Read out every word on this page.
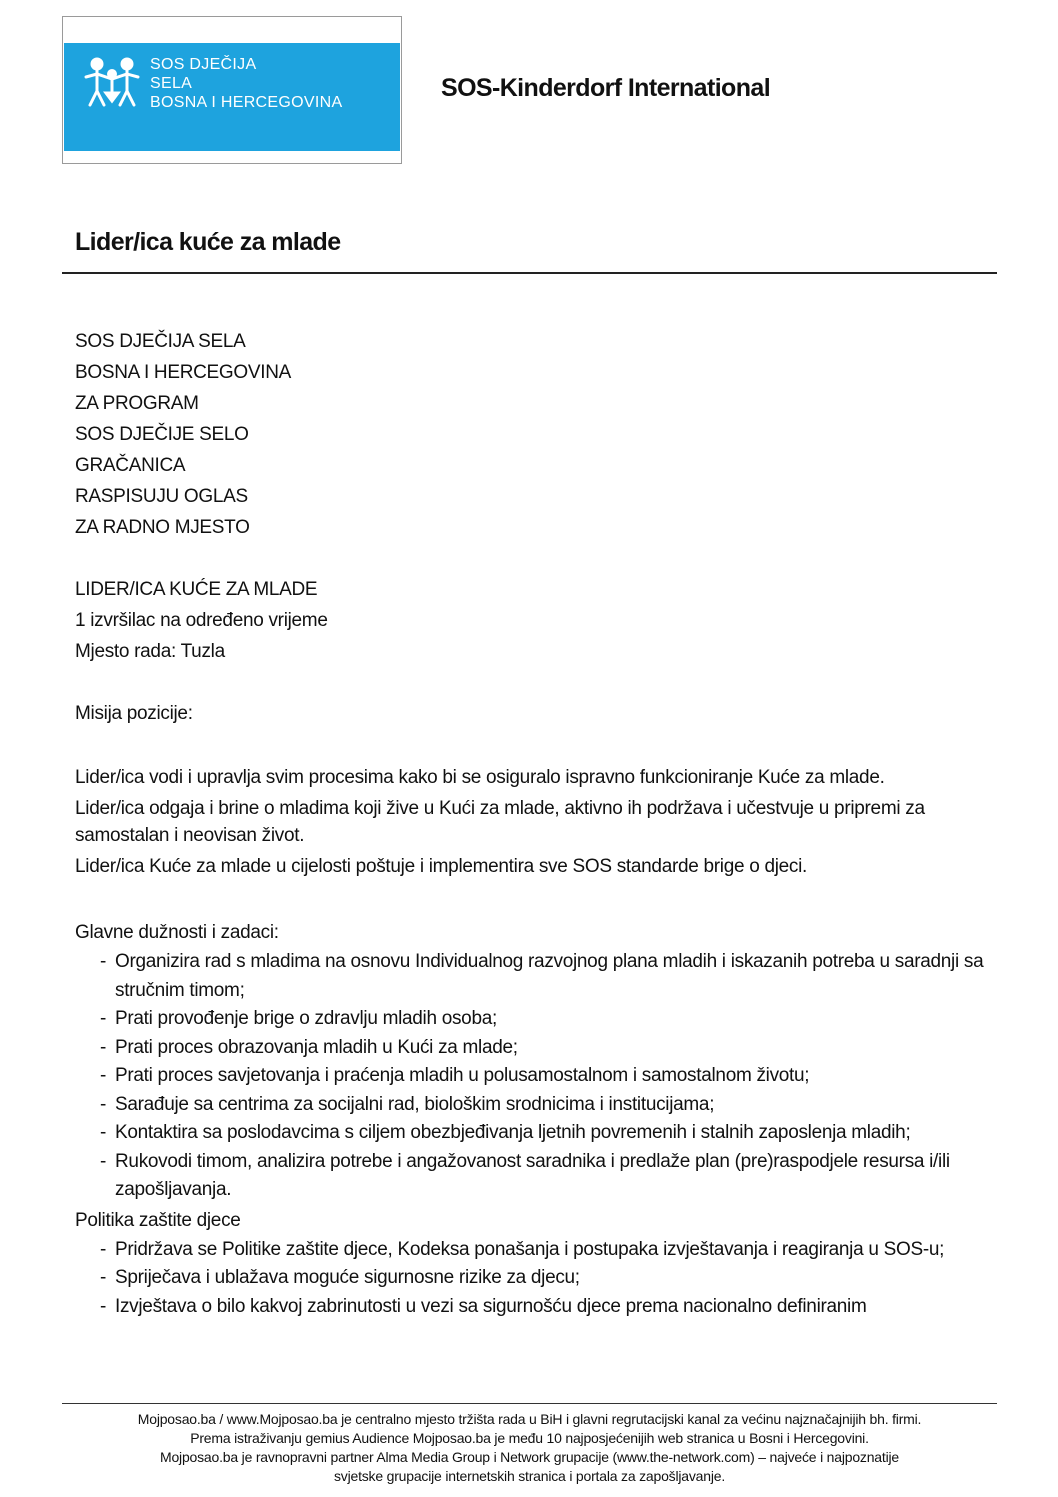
SOS DJEČIJA
SELA
BOSNA I HERCEGOVINA
SOS-Kinderdorf International
Lider/ica kuće za mlade

SOS DJEČIJA SELA

BOSNA I HERCEGOVINA

ZA PROGRAM

SOS DJEČIJE SELO

GRAČANICA

RASPISUJU OGLAS

ZA RADNO MJESTO

LIDER/ICA KUĆE ZA MLADE

1 izvršilac na određeno vrijeme

Mjesto rada: Tuzla

Misija pozicije:

Lider/ica vodi i upravlja svim procesima kako bi se osiguralo ispravno funkcioniranje Kuće za mlade.

Lider/ica odgaja i brine o mladima koji žive u Kući za mlade, aktivno ih podržava i učestvuje u pripremi za samostalan i neovisan život.

Lider/ica Kuće za mlade u cijelosti poštuje i implementira sve SOS standarde brige o djeci.

Glavne dužnosti i zadaci:

- Organizira rad s mladima na osnovu Individualnog razvojnog plana mladih i iskazanih potreba u saradnji sa stručnim timom;
- Prati provođenje brige o zdravlju mladih osoba;
- Prati proces obrazovanja mladih u Kući za mlade;
- Prati proces savjetovanja i praćenja mladih u polusamostalnom i samostalnom životu;
- Sarađuje sa centrima za socijalni rad, biološkim srodnicima i institucijama;
- Kontaktira sa poslodavcima s ciljem obezbjeđivanja ljetnih povremenih i stalnih zaposlenja mladih;
- Rukovodi timom, analizira potrebe i angažovanost saradnika i predlaže plan (pre)raspodjele resursa i/ili zapošljavanja.

Politika zaštite djece

- Pridržava se Politike zaštite djece, Kodeksa ponašanja i postupaka izvještavanja i reagiranja u SOS-u;
- Spriječava i ublažava moguće sigurnosne rizike za djecu;
- Izvještava o bilo kakvoj zabrinutosti u vezi sa sigurnošću djece prema nacionalno definiranim
Mojposao.ba / www.Mojposao.ba je centralno mjesto tržišta rada u BiH i glavni regrutacijski kanal za većinu najznačajnijih bh. firmi.
Prema istraživanju gemius Audience Mojposao.ba je među 10 najposjećenijih web stranica u Bosni i Hercegovini.
Mojposao.ba je ravnopravni partner Alma Media Group i Network grupacije (www.the-network.com) – najveće i najpoznatije
svjetske grupacije internetskih stranica i portala za zapošljavanje.
